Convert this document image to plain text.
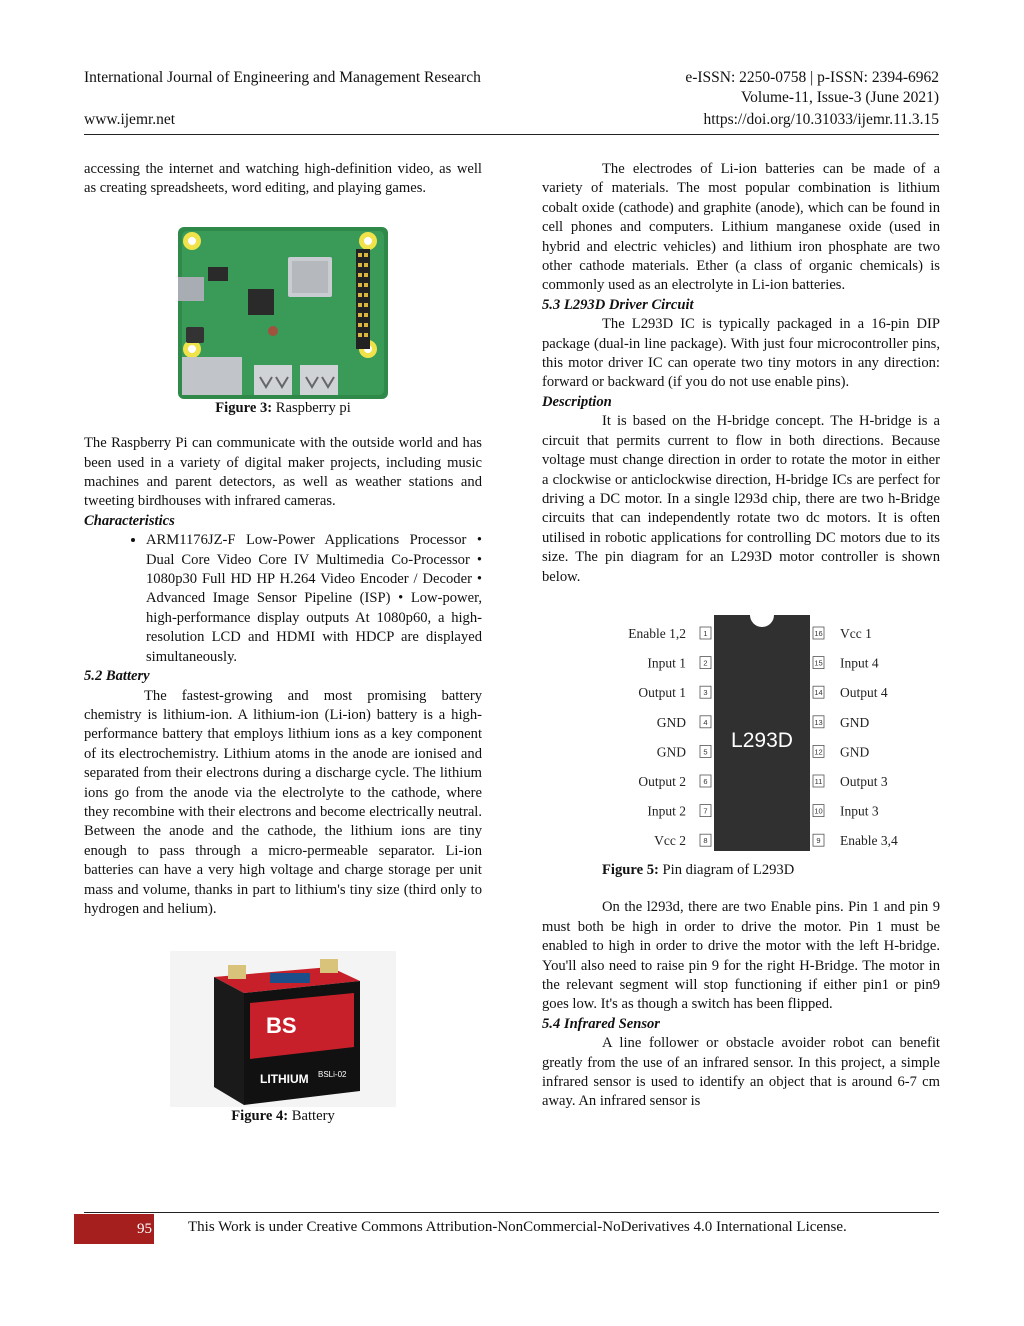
International Journal of Engineering and Management Research	e-ISSN: 2250-0758 | p-ISSN: 2394-6962
Volume-11, Issue-3 (June 2021)
www.ijemr.net	https://doi.org/10.31033/ijemr.11.3.15

accessing the internet and watching high-definition video, as well as creating spreadsheets, word editing, and playing games.

Figure 3: Raspberry pi

The Raspberry Pi can communicate with the outside world and has been used in a variety of digital maker projects, including music machines and parent detectors, as well as weather stations and tweeting birdhouses with infrared cameras.

Characteristics

• ARM1176JZ-F Low-Power Applications Processor • Dual Core Video Core IV Multimedia Co-Processor • 1080p30 Full HD HP H.264 Video Encoder / Decoder • Advanced Image Sensor Pipeline (ISP) • Low-power, high-performance display outputs At 1080p60, a high-resolution LCD and HDMI with HDCP are displayed simultaneously.

5.2 Battery

The fastest-growing and most promising battery chemistry is lithium-ion. A lithium-ion (Li-ion) battery is a high-performance battery that employs lithium ions as a key component of its electrochemistry. Lithium atoms in the anode are ionised and separated from their electrons during a discharge cycle. The lithium ions go from the anode via the electrolyte to the cathode, where they recombine with their electrons and become electrically neutral. Between the anode and the cathode, the lithium ions are tiny enough to pass through a micro-permeable separator. Li-ion batteries can have a very high voltage and charge storage per unit mass and volume, thanks in part to lithium's tiny size (third only to hydrogen and helium).

BS
LITHIUM BSLi-02

Figure 4: Battery

The electrodes of Li-ion batteries can be made of a variety of materials. The most popular combination is lithium cobalt oxide (cathode) and graphite (anode), which can be found in cell phones and computers. Lithium manganese oxide (used in hybrid and electric vehicles) and lithium iron phosphate are two other cathode materials. Ether (a class of organic chemicals) is commonly used as an electrolyte in Li-ion batteries.

5.3 L293D Driver Circuit

The L293D IC is typically packaged in a 16-pin DIP package (dual-in line package). With just four microcontroller pins, this motor driver IC can operate two tiny motors in any direction: forward or backward (if you do not use enable pins).

Description

It is based on the H-bridge concept. The H-bridge is a circuit that permits current to flow in both directions. Because voltage must change direction in order to rotate the motor in either a clockwise or anticlockwise direction, H-bridge ICs are perfect for driving a DC motor. In a single l293d chip, there are two h-Bridge circuits that can independently rotate two dc motors. It is often utilised in robotic applications for controlling DC motors due to its size. The pin diagram for an L293D motor controller is shown below.

L293D
1
Enable 1,2
2
Input 1
3
Output 1
4
GND
5
GND
6
Output 2
7
Input 2
8
Vcc 2
16 Vcc 1
15 Input 4
14 Output 4
13 GND
12 GND
11 Output 3
10 Input 3
9 Enable 3,4

Figure 5: Pin diagram of L293D

On the l293d, there are two Enable pins. Pin 1 and pin 9 must both be high in order to drive the motor. Pin 1 must be enabled to high in order to drive the motor with the left H-bridge. You'll also need to raise pin 9 for the right H-Bridge. The motor in the relevant segment will stop functioning if either pin1 or pin9 goes low. It's as though a switch has been flipped.

5.4 Infrared Sensor

A line follower or obstacle avoider robot can benefit greatly from the use of an infrared sensor. In this project, a simple infrared sensor is used to identify an object that is around 6-7 cm away. An infrared sensor is

95 This Work is under Creative Commons Attribution-NonCommercial-NoDerivatives 4.0 International License.
